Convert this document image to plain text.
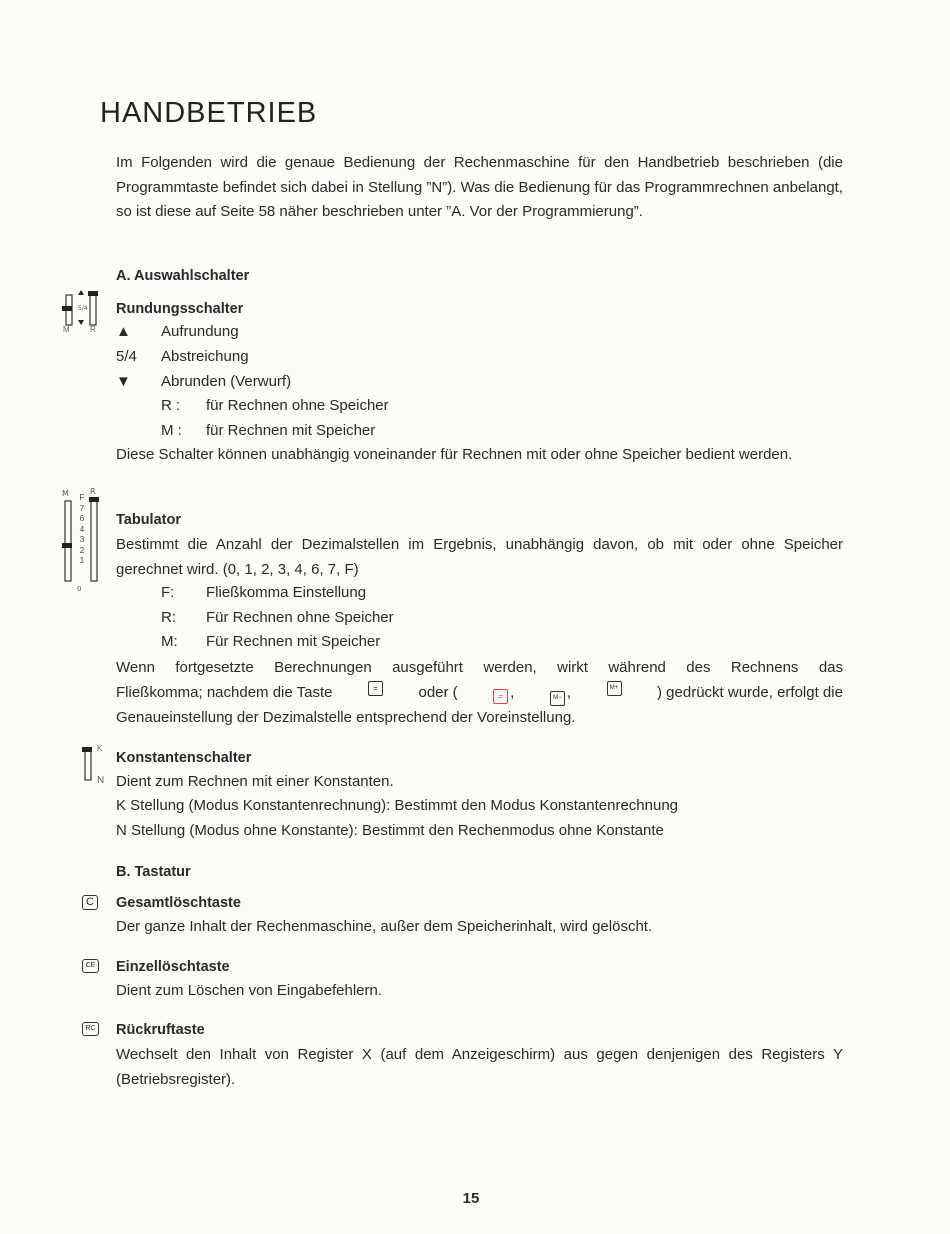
HANDBETRIEB
Im Folgenden wird die genaue Bedienung der Rechenmaschine für den Handbetrieb beschrieben (die Programmtaste befindet sich dabei in Stellung ”N”). Was die Bedienung für das Programmrechnen anbelangt, so ist diese auf Seite 58 näher beschrieben unter ”A. Vor der Programmierung”.
A. Auswahlschalter
5/4
M	R
Rundungsschalter
▲ Aufrundung
5/4 Abstreichung
▼ Abrunden (Verwurf)
R : für Rechnen ohne Speicher
M : für Rechnen mit Speicher
Diese Schalter können unabhängig voneinander für Rechnen mit oder ohne Speicher bedient werden.
M	R
0
F
7
6
4
3
2
1
Tabulator
Bestimmt die Anzahl der Dezimalstellen im Ergebnis, unabhängig davon, ob mit oder ohne Speicher gerechnet wird. (0, 1, 2, 3, 4, 6, 7, F)
F: Fließkomma Einstellung
R: Für Rechnen ohne Speicher
M: Für Rechnen mit Speicher
Wenn fortgesetzte Berechnungen ausgeführt werden, wirkt während des Rechnens das
Fließkomma; nachdem die Taste	=	oder (	= ,	M− ,	M+	) gedrückt wurde, erfolgt die
Genaueinstellung der Dezimalstelle entsprechend der Voreinstellung.
K
N
Konstantenschalter
Dient zum Rechnen mit einer Konstanten.
K Stellung (Modus Konstantenrechnung): Bestimmt den Modus Konstantenrechnung
N Stellung (Modus ohne Konstante): Bestimmt den Rechenmodus ohne Konstante
B. Tastatur
C Gesamtlöschtaste
Der ganze Inhalt der Rechenmaschine, außer dem Speicherinhalt, wird gelöscht.
CE Einzellöschtaste
Dient zum Löschen von Eingabefehlern.
RC Rückruftaste
Wechselt den Inhalt von Register X (auf dem Anzeigeschirm) aus gegen denjenigen des Registers Y (Betriebsregister).
15
